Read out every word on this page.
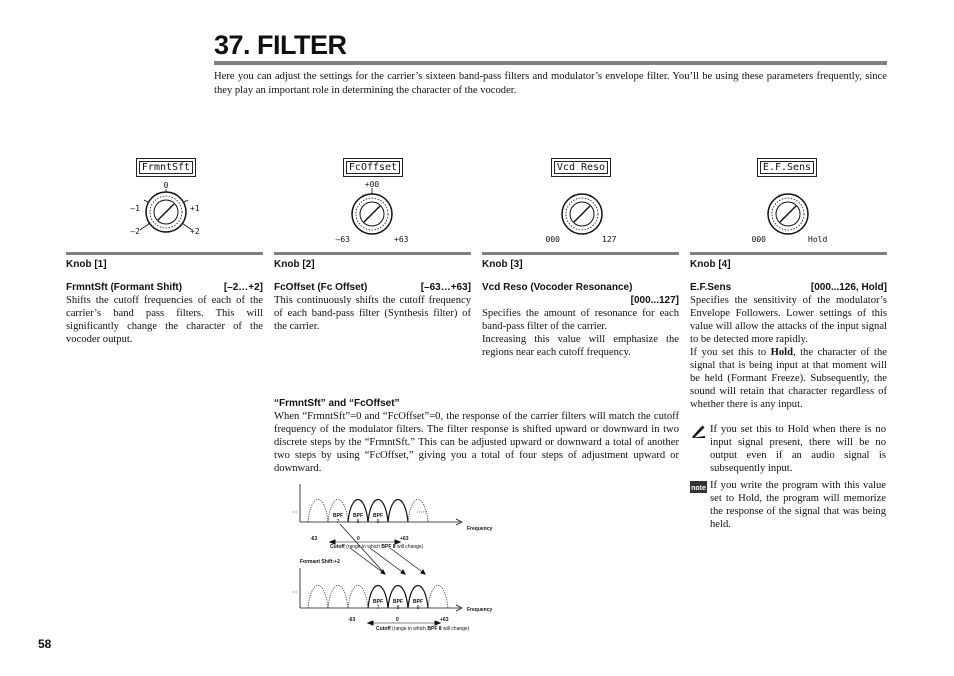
37. FILTER

Here you can adjust the settings for the carrier’s sixteen band-pass filters and modulator’s envelope filter. You’ll be using these parameters frequently, since they play an important role in determining the character of the vocoder.

FrmntSft
0
–1	+1
–2	+2
FcOffset
+00
–63	+63
Vcd Reso
000	127
E.F.Sens
000	Hold
Knob [1]
FrmntSft (Formant Shift)	[–2…+2]

Shifts the cutoff frequencies of each of the carrier’s band pass filters. This will significantly change the character of the vocoder output.

Knob [2]
FcOffset (Fc Offset)	[–63…+63]

This continuously shifts the cutoff frequency of each band-pass filter (Synthesis filter) of the carrier.

Knob [3]
Vcd Reso (Vocoder Resonance)
[000...127]

Specifies the amount of resonance for each band-pass filter of the carrier.

Increasing this value will emphasize the regions near each cutoff frequency.

Knob [4]
E.F.Sens	[000...126, Hold]

Specifies the sensitivity of the modulator’s Envelope Followers. Lower settings of this value will allow the attacks of the input signal to be detected more rapidly.

If you set this to Hold, the character of the signal that is being input at that moment will be held (Formant Freeze). Subsequently, the sound will retain that character regardless of whether there is any input.

If you set this to Hold when there is no input signal present, there will be no output even if an audio signal is subsequently input.

note If you write the program with this value set to Hold, the program will memorize the response of the signal that was being held.

“FrmntSft” and “FcOffset”

When “FrmntSft”=0 and “FcOffset”=0, the response of the carrier filters will match the cutoff frequency of the modulator filters. The filter response is shifted upward or downward in two discrete steps by the “FrmntSft.” This can be adjusted upward or downward a total of another two steps by using “FcOffset,” giving you a total of four steps of adjustment upward or downward.

BPF
7
BPF
8
BPF
9
BPF
7
BPF
8
BPF
9
Frequency
-63	0	+63
Cutoff (range in which BPF 8 will change)
Formant Shift:+2
Frequency
-63	0	+63
Cutoff (range in which BPF 8 will change)
58
